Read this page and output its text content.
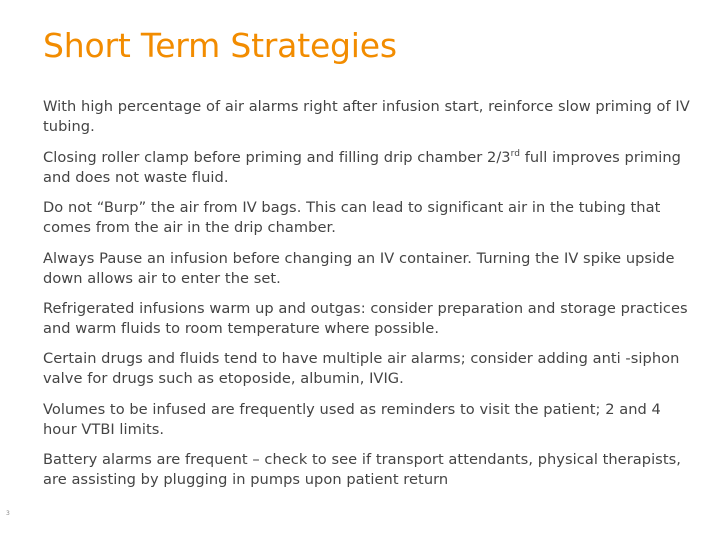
Short Term Strategies
With high percentage of air alarms right after infusion start, reinforce slow priming of IV tubing.
Closing roller clamp before priming and filling drip chamber 2/3rd full improves priming and does not waste fluid.
Do not “Burp” the air from IV bags. This can lead to significant air in the tubing that comes from the air in the drip chamber.
Always Pause an infusion before changing an IV container. Turning the IV spike upside down allows air to enter the set.
Refrigerated infusions warm up and outgas: consider preparation and storage practices and warm fluids to room temperature where possible.
Certain drugs and fluids tend to have multiple air alarms; consider adding anti -siphon valve for drugs such as etoposide, albumin, IVIG.
Volumes to be infused are frequently used as reminders to visit the patient; 2 and 4 hour VTBI limits.
Battery alarms are frequent – check to see if transport attendants, physical therapists, are assisting by plugging in pumps upon patient return
3
